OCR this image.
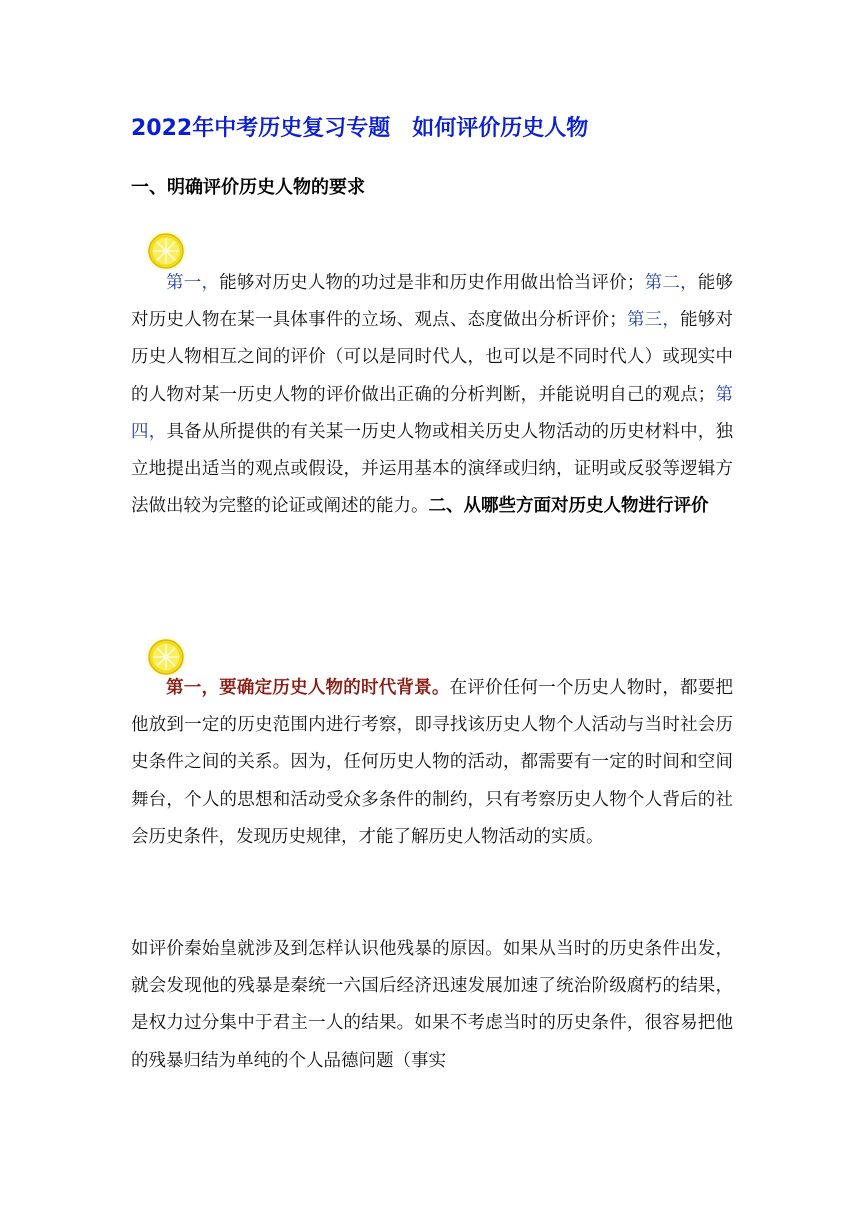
2022年中考历史复习专题　如何评价历史人物
一、明确评价历史人物的要求
第一，能够对历史人物的功过是非和历史作用做出恰当评价；第二，能够对历史人物在某一具体事件的立场、观点、态度做出分析评价；第三，能够对历史人物相互之间的评价（可以是同时代人，也可以是不同时代人）或现实中的人物对某一历史人物的评价做出正确的分析判断，并能说明自己的观点；第四，具备从所提供的有关某一历史人物或相关历史人物活动的历史材料中，独立地提出适当的观点或假设，并运用基本的演绎或归纳，证明或反驳等逻辑方法做出较为完整的论证或阐述的能力。二、从哪些方面对历史人物进行评价
第一，要确定历史人物的时代背景。在评价任何一个历史人物时，都要把他放到一定的历史范围内进行考察，即寻找该历史人物个人活动与当时社会历史条件之间的关系。因为，任何历史人物的活动，都需要有一定的时间和空间舞台，个人的思想和活动受众多条件的制约，只有考察历史人物个人背后的社会历史条件，发现历史规律，才能了解历史人物活动的实质。
如评价秦始皇就涉及到怎样认识他残暴的原因。如果从当时的历史条件出发，就会发现他的残暴是秦统一六国后经济迅速发展加速了统治阶级腐朽的结果，是权力过分集中于君主一人的结果。如果不考虑当时的历史条件，很容易把他的残暴归结为单纯的个人品德问题（事实
